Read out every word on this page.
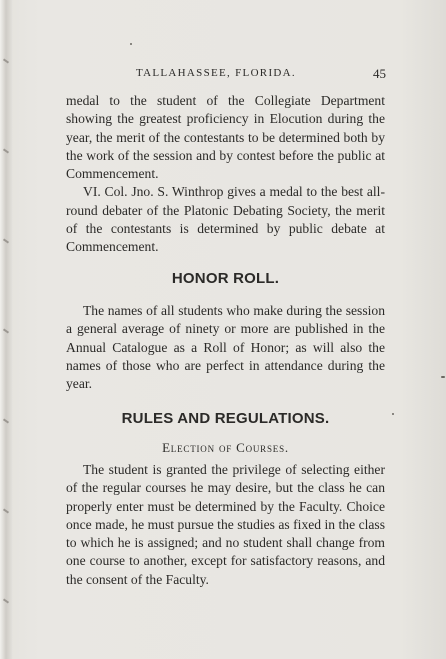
TALLAHASSEE, FLORIDA.	45

medal to the student of the Collegiate Department showing the greatest proficiency in Elocution during the year, the merit of the contestants to be determined both by the work of the session and by contest before the public at Commencement.

VI. Col. Jno. S. Winthrop gives a medal to the best all-round debater of the Platonic Debating Society, the merit of the contestants is determined by public debate at Commencement.

HONOR ROLL.

The names of all students who make during the session a general average of ninety or more are published in the Annual Catalogue as a Roll of Honor; as will also the names of those who are perfect in attendance during the year.

RULES AND REGULATIONS.
Election of Courses.

The student is granted the privilege of selecting either of the regular courses he may desire, but the class he can properly enter must be determined by the Faculty. Choice once made, he must pursue the studies as fixed in the class to which he is assigned; and no student shall change from one course to another, except for satisfactory reasons, and the consent of the Faculty.
